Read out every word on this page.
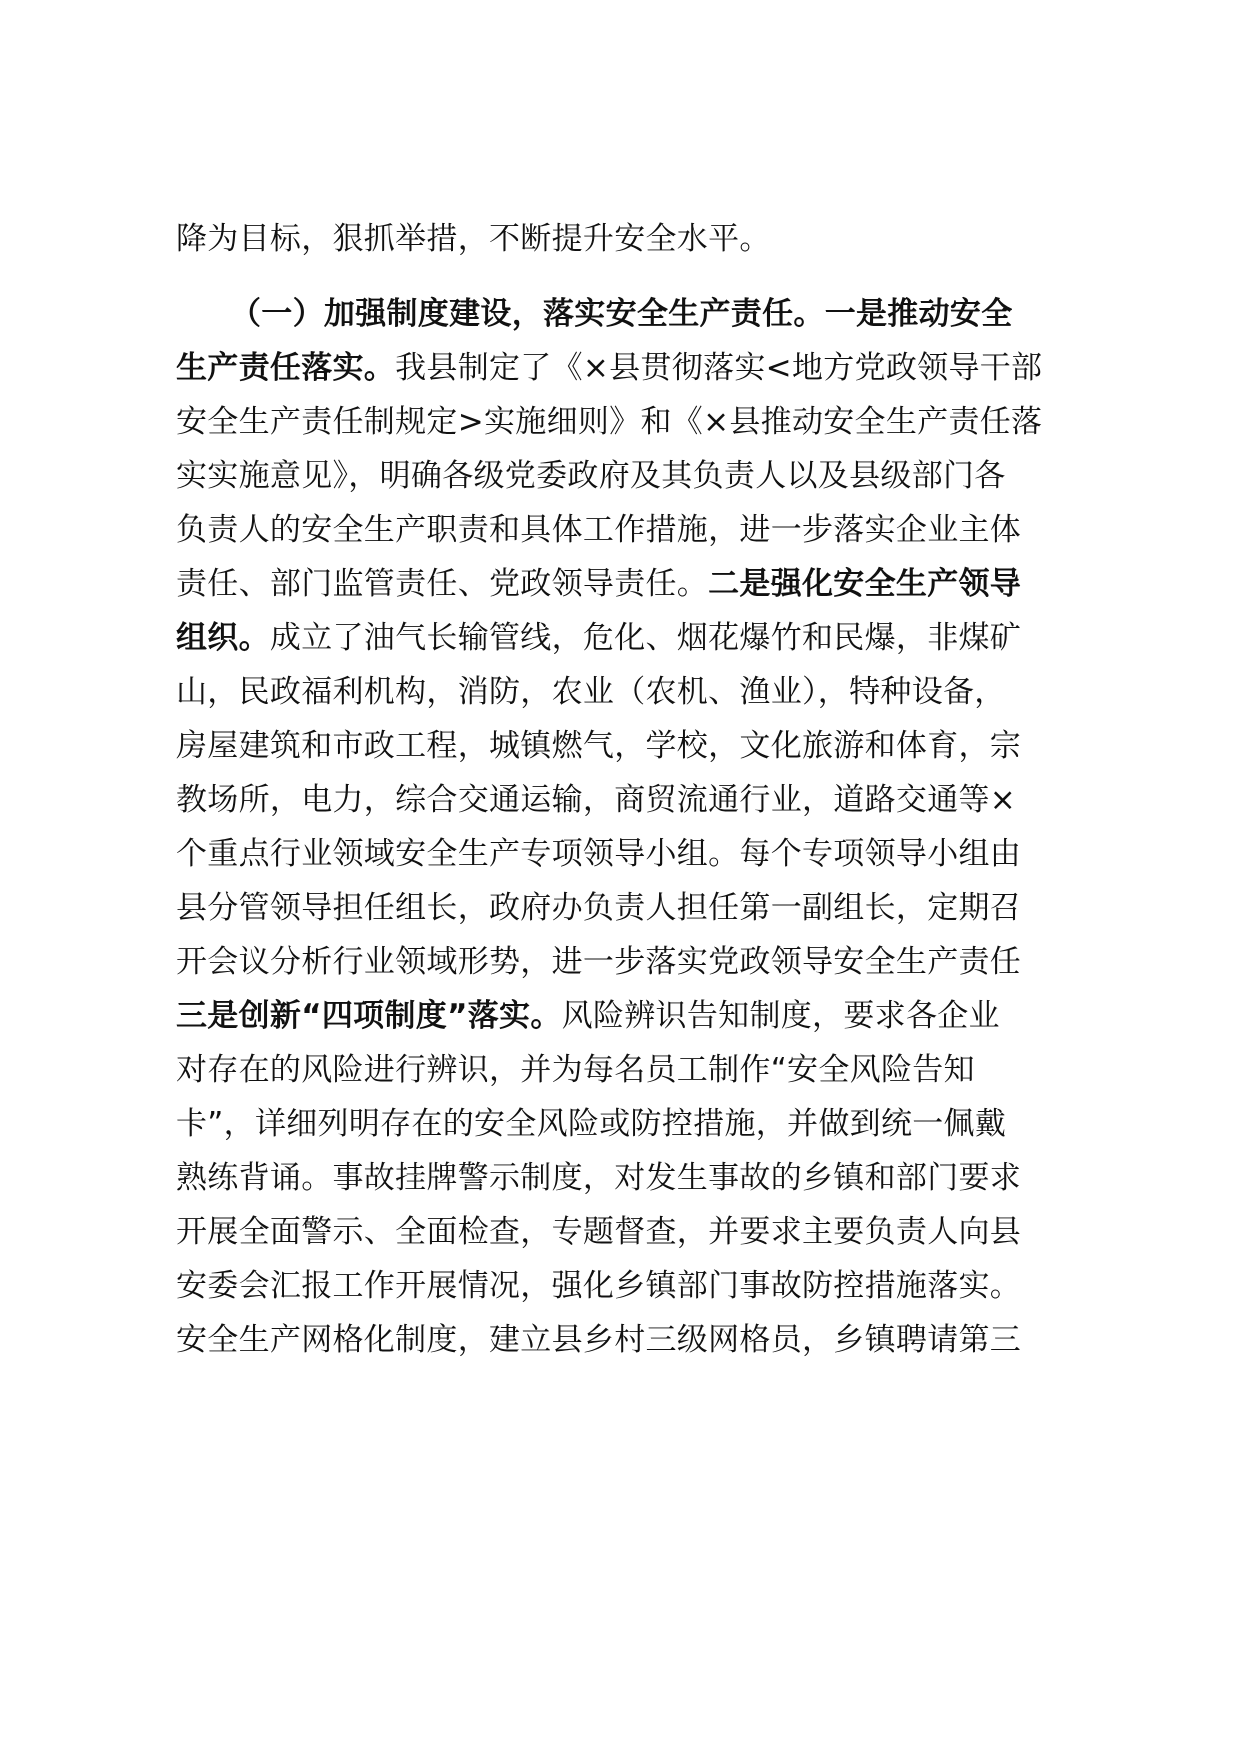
降为目标，狠抓举措，不断提升安全水平。
（一）加强制度建设，落实安全生产责任。一是推动安全
生产责任落实。我县制定了《×县贯彻落实<地方党政领导干部
安全生产责任制规定>实施细则》和《×县推动安全生产责任落
实实施意见》，明确各级党委政府及其负责人以及县级部门各
负责人的安全生产职责和具体工作措施，进一步落实企业主体
责任、部门监管责任、党政领导责任。二是强化安全生产领导
组织。成立了油气长输管线，危化、烟花爆竹和民爆，非煤矿
山，民政福利机构，消防，农业（农机、渔业），特种设备，
房屋建筑和市政工程，城镇燃气，学校，文化旅游和体育，宗
教场所，电力，综合交通运输，商贸流通行业，道路交通等×
个重点行业领域安全生产专项领导小组。每个专项领导小组由
县分管领导担任组长，政府办负责人担任第一副组长，定期召
开会议分析行业领域形势，进一步落实党政领导安全生产责任
三是创新“四项制度”落实。风险辨识告知制度，要求各企业
对存在的风险进行辨识，并为每名员工制作“安全风险告知
卡”，详细列明存在的安全风险或防控措施，并做到统一佩戴
熟练背诵。事故挂牌警示制度，对发生事故的乡镇和部门要求
开展全面警示、全面检查，专题督查，并要求主要负责人向县
安委会汇报工作开展情况，强化乡镇部门事故防控措施落实。
安全生产网格化制度，建立县乡村三级网格员，乡镇聘请第三
